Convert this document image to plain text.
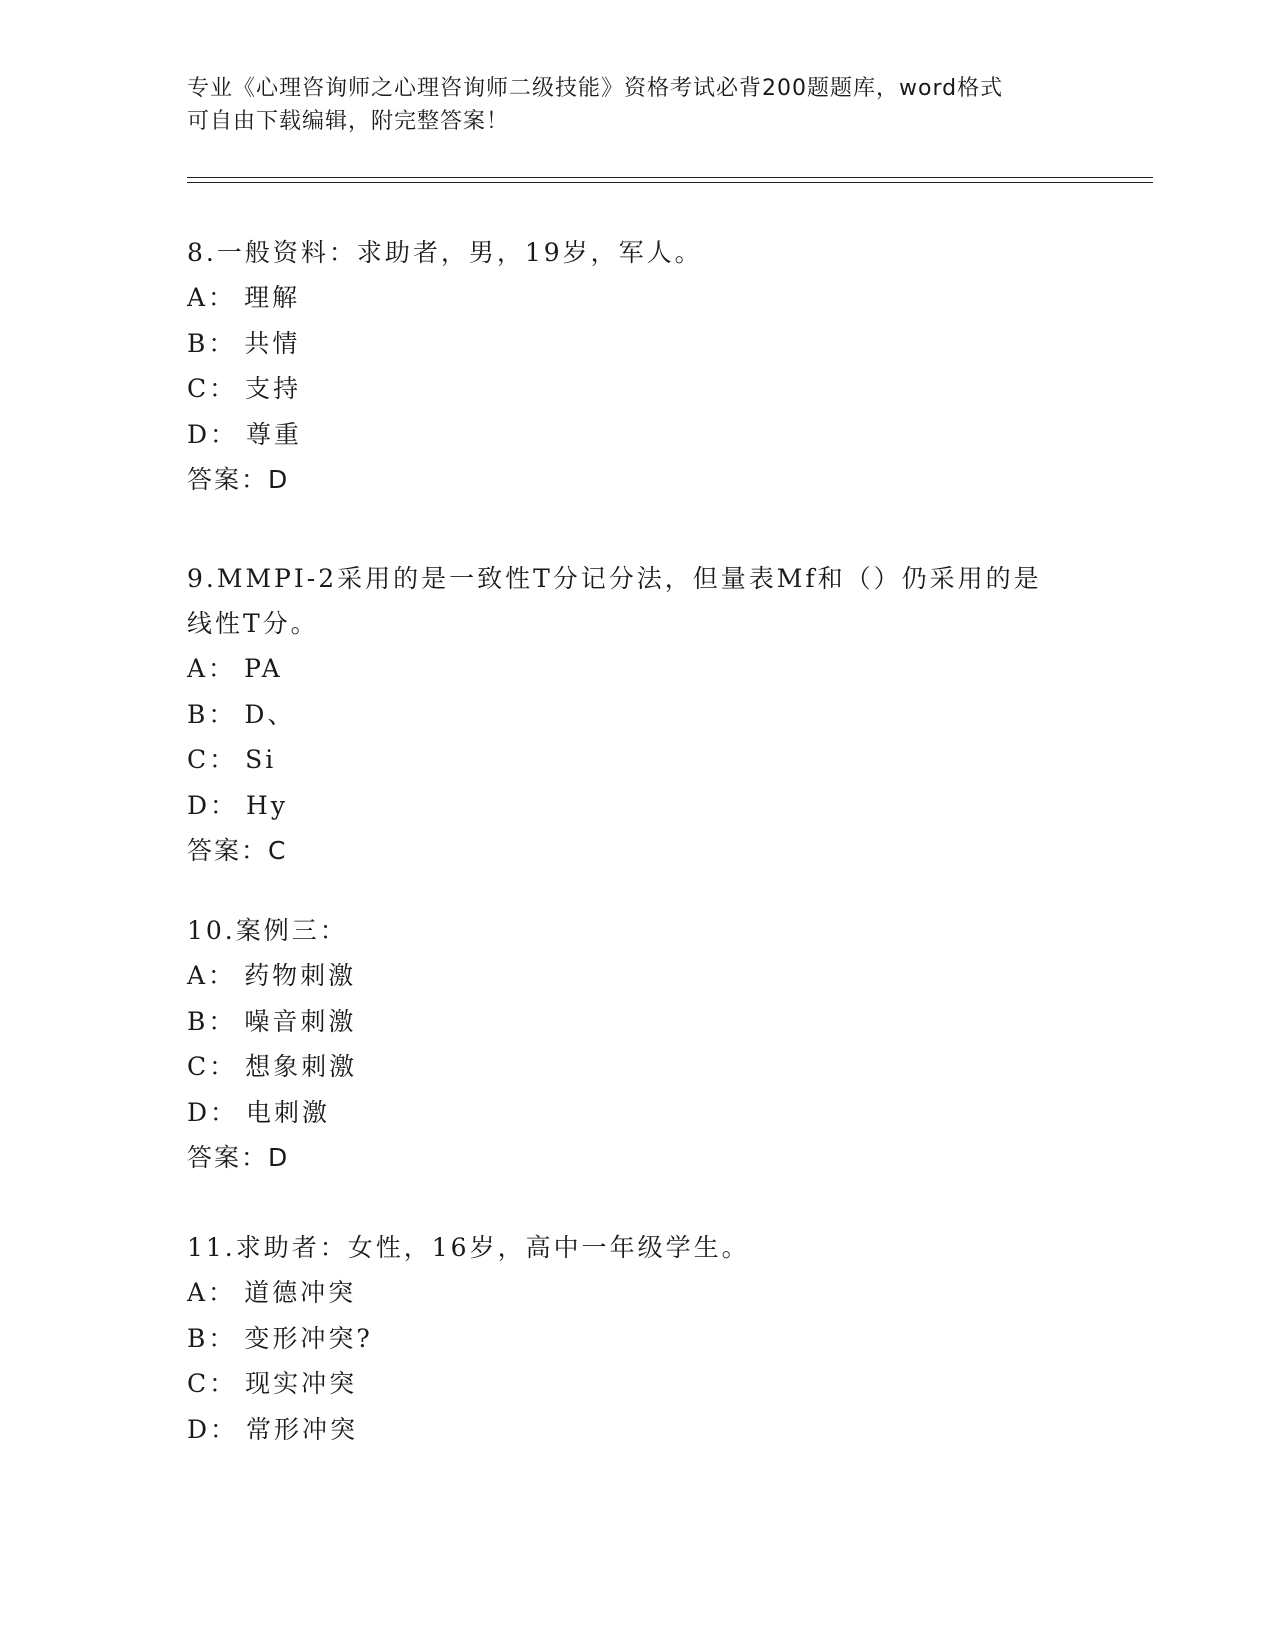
专业《心理咨询师之心理咨询师二级技能》资格考试必背200题题库，word格式
可自由下载编辑，附完整答案！
8.一般资料：求助者，男，19岁，军人。
A： 理解
B： 共情
C： 支持
D： 尊重
答案：D
9.MMPI-2采用的是一致性T分记分法，但量表Mf和（）仍采用的是线性T分。
A： PA
B： D、
C： Si
D： Hy
答案：C
10.案例三：
A： 药物刺激
B： 噪音刺激
C： 想象刺激
D： 电刺激
答案：D
11.求助者：女性，16岁，高中一年级学生。
A： 道德冲突
B： 变形冲突?
C： 现实冲突
D： 常形冲突
